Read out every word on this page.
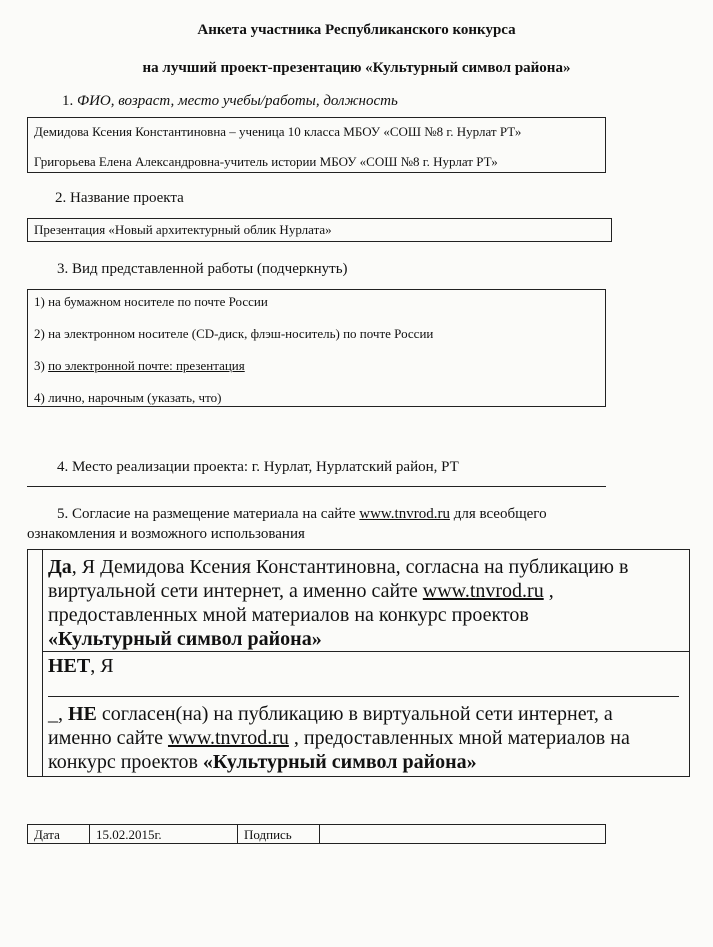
Анкета участника Республиканского конкурса
на лучший проект-презентацию «Культурный символ района»
1. ФИО, возраст, место учебы/работы, должность
Демидова Ксения Константиновна – ученица 10 класса МБОУ «СОШ №8 г. Нурлат РТ»
Григорьева Елена Александровна-учитель истории МБОУ «СОШ №8 г. Нурлат РТ»
2. Название проекта
Презентация «Новый архитектурный облик Нурлата»
3. Вид представленной работы (подчеркнуть)
1) на бумажном носителе по почте России
2) на электронном носителе (CD-диск, флэш-носитель) по почте России
3) по электронной почте: презентация
4) лично, нарочным (указать, что)
4. Место реализации проекта: г. Нурлат, Нурлатский район, РТ
5. Согласие на размещение материала на сайте www.tnvrod.ru для всеобщего
ознакомления и возможного использования
Да, Я Демидова Ксения Константиновна, согласна на публикацию в
виртуальной сети интернет, а именно сайте www.tnvrod.ru ,
предоставленных мной материалов на конкурс проектов
«Культурный символ района»
НЕТ, Я
_, НЕ согласен(на) на публикацию в виртуальной сети интернет, а
именно сайте www.tnvrod.ru , предоставленных мной материалов на
конкурс проектов «Культурный символ района»
Дата	15.02.2015г.	Подпись
